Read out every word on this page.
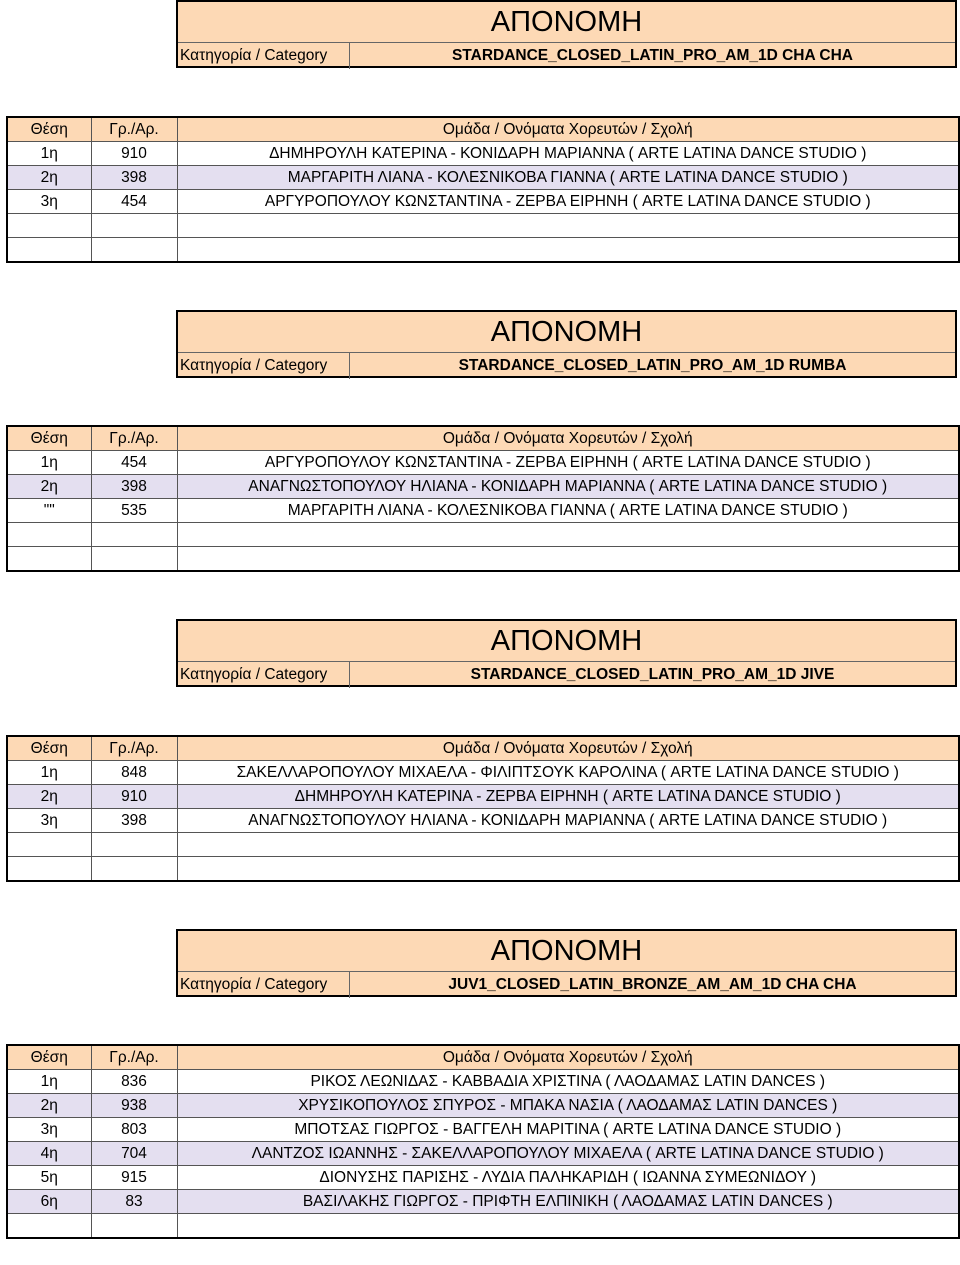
ΑΠΟΝΟΜΗ
Κατηγορία / Category	STARDANCE_CLOSED_LATIN_PRO_AM_1D CHA CHA
Θέση	Γρ./Αρ.	Ομάδα / Ονόματα Χορευτών / Σχολή
1η	910	ΔΗΜΗΡΟΥΛΗ ΚΑΤΕΡΙΝΑ - ΚΟΝΙΔΑΡΗ ΜΑΡΙΑΝΝΑ ( ARTE LATINA DANCE STUDIO )
2η	398	ΜΑΡΓΑΡΙΤΗ ΛΙΑΝΑ - ΚΟΛΕΣΝΙΚΟΒΑ ΓΙΑΝΝΑ ( ARTE LATINA DANCE STUDIO )
3η	454	ΑΡΓΥΡΟΠΟΥΛΟΥ ΚΩΝΣΤΑΝΤΙΝΑ - ΖΕΡΒΑ ΕΙΡΗΝΗ ( ARTE LATINA DANCE STUDIO )

ΑΠΟΝΟΜΗ
Κατηγορία / Category	STARDANCE_CLOSED_LATIN_PRO_AM_1D RUMBA
Θέση	Γρ./Αρ.	Ομάδα / Ονόματα Χορευτών / Σχολή
1η	454	ΑΡΓΥΡΟΠΟΥΛΟΥ ΚΩΝΣΤΑΝΤΙΝΑ - ΖΕΡΒΑ ΕΙΡΗΝΗ ( ARTE LATINA DANCE STUDIO )
2η	398	ΑΝΑΓΝΩΣΤΟΠΟΥΛΟΥ ΗΛΙΑΝΑ - ΚΟΝΙΔΑΡΗ ΜΑΡΙΑΝΝΑ ( ARTE LATINA DANCE STUDIO )
""	535	ΜΑΡΓΑΡΙΤΗ ΛΙΑΝΑ - ΚΟΛΕΣΝΙΚΟΒΑ ΓΙΑΝΝΑ ( ARTE LATINA DANCE STUDIO )

ΑΠΟΝΟΜΗ
Κατηγορία / Category	STARDANCE_CLOSED_LATIN_PRO_AM_1D JIVE
Θέση	Γρ./Αρ.	Ομάδα / Ονόματα Χορευτών / Σχολή
1η	848	ΣΑΚΕΛΛΑΡΟΠΟΥΛΟΥ ΜΙΧΑΕΛΑ - ΦΙΛΙΠΤΣΟΥΚ ΚΑΡΟΛΙΝΑ ( ARTE LATINA DANCE STUDIO )
2η	910	ΔΗΜΗΡΟΥΛΗ ΚΑΤΕΡΙΝΑ - ΖΕΡΒΑ ΕΙΡΗΝΗ ( ARTE LATINA DANCE STUDIO )
3η	398	ΑΝΑΓΝΩΣΤΟΠΟΥΛΟΥ ΗΛΙΑΝΑ - ΚΟΝΙΔΑΡΗ ΜΑΡΙΑΝΝΑ ( ARTE LATINA DANCE STUDIO )

ΑΠΟΝΟΜΗ
Κατηγορία / Category	JUV1_CLOSED_LATIN_BRONZE_AM_AM_1D CHA CHA
Θέση	Γρ./Αρ.	Ομάδα / Ονόματα Χορευτών / Σχολή
1η	836	ΡΙΚΟΣ ΛΕΩΝΙΔΑΣ - ΚΑΒΒΑΔΙΑ ΧΡΙΣΤΙΝΑ ( ΛΑΟΔΑΜΑΣ LATIN DANCES )
2η	938	ΧΡΥΣΙΚΟΠΟΥΛΟΣ ΣΠΥΡΟΣ - ΜΠΑΚΑ ΝΑΣΙΑ ( ΛΑΟΔΑΜΑΣ LATIN DANCES )
3η	803	ΜΠΟΤΣΑΣ ΓΙΩΡΓΟΣ - ΒΑΓΓΕΛΗ ΜΑΡΙΤΙΝΑ ( ARTE LATINA DANCE STUDIO )
4η	704	ΛΑΝΤΖΟΣ ΙΩΑΝΝΗΣ - ΣΑΚΕΛΛΑΡΟΠΟΥΛΟΥ ΜΙΧΑΕΛΑ ( ARTE LATINA DANCE STUDIO )
5η	915	ΔΙΟΝΥΣΗΣ ΠΑΡΙΣΗΣ - ΛΥΔΙΑ ΠΑΛΗΚΑΡΙΔΗ ( ΙΩΑΝΝΑ ΣΥΜΕΩΝΙΔΟΥ )
6η	83	ΒΑΣΙΛΑΚΗΣ ΓΙΩΡΓΟΣ - ΠΡΙΦΤΗ ΕΛΠΙΝΙΚΗ ( ΛΑΟΔΑΜΑΣ LATIN DANCES )
